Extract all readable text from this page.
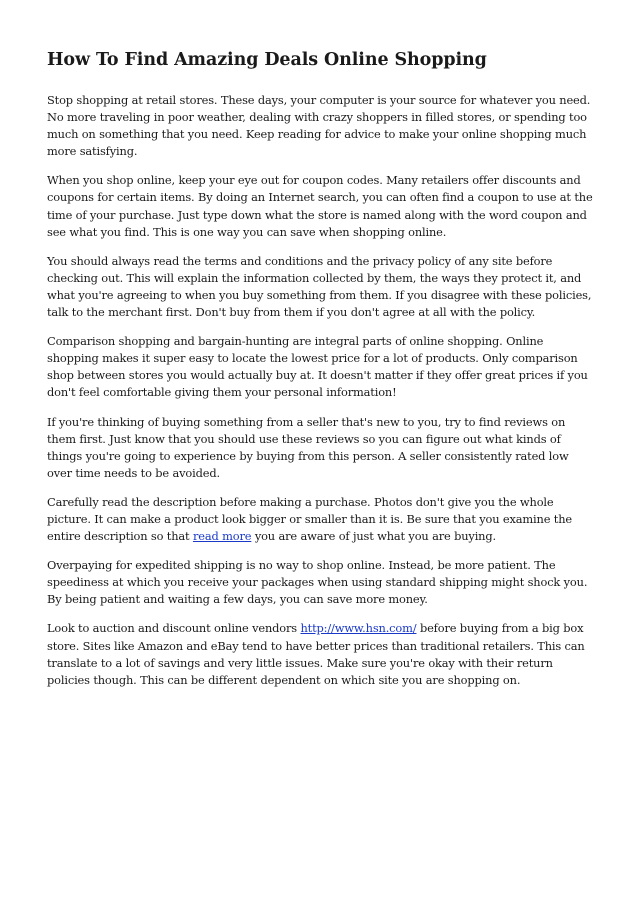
How To Find Amazing Deals Online Shopping

Stop shopping at retail stores. These days, your computer is your source for whatever you need. No more traveling in poor weather, dealing with crazy shoppers in filled stores, or spending too much on something that you need. Keep reading for advice to make your online shopping much more satisfying.

When you shop online, keep your eye out for coupon codes. Many retailers offer discounts and coupons for certain items. By doing an Internet search, you can often find a coupon to use at the time of your purchase. Just type down what the store is named along with the word coupon and see what you find. This is one way you can save when shopping online.

You should always read the terms and conditions and the privacy policy of any site before checking out. This will explain the information collected by them, the ways they protect it, and what you're agreeing to when you buy something from them. If you disagree with these policies, talk to the merchant first. Don't buy from them if you don't agree at all with the policy.

Comparison shopping and bargain-hunting are integral parts of online shopping. Online shopping makes it super easy to locate the lowest price for a lot of products. Only comparison shop between stores you would actually buy at. It doesn't matter if they offer great prices if you don't feel comfortable giving them your personal information!

If you're thinking of buying something from a seller that's new to you, try to find reviews on them first. Just know that you should use these reviews so you can figure out what kinds of things you're going to experience by buying from this person. A seller consistently rated low over time needs to be avoided.

Carefully read the description before making a purchase. Photos don't give you the whole picture. It can make a product look bigger or smaller than it is. Be sure that you examine the entire description so that read more you are aware of just what you are buying.

Overpaying for expedited shipping is no way to shop online. Instead, be more patient. The speediness at which you receive your packages when using standard shipping might shock you. By being patient and waiting a few days, you can save more money.

Look to auction and discount online vendors http://www.hsn.com/ before buying from a big box store. Sites like Amazon and eBay tend to have better prices than traditional retailers. This can translate to a lot of savings and very little issues. Make sure you're okay with their return policies though. This can be different dependent on which site you are shopping on.
